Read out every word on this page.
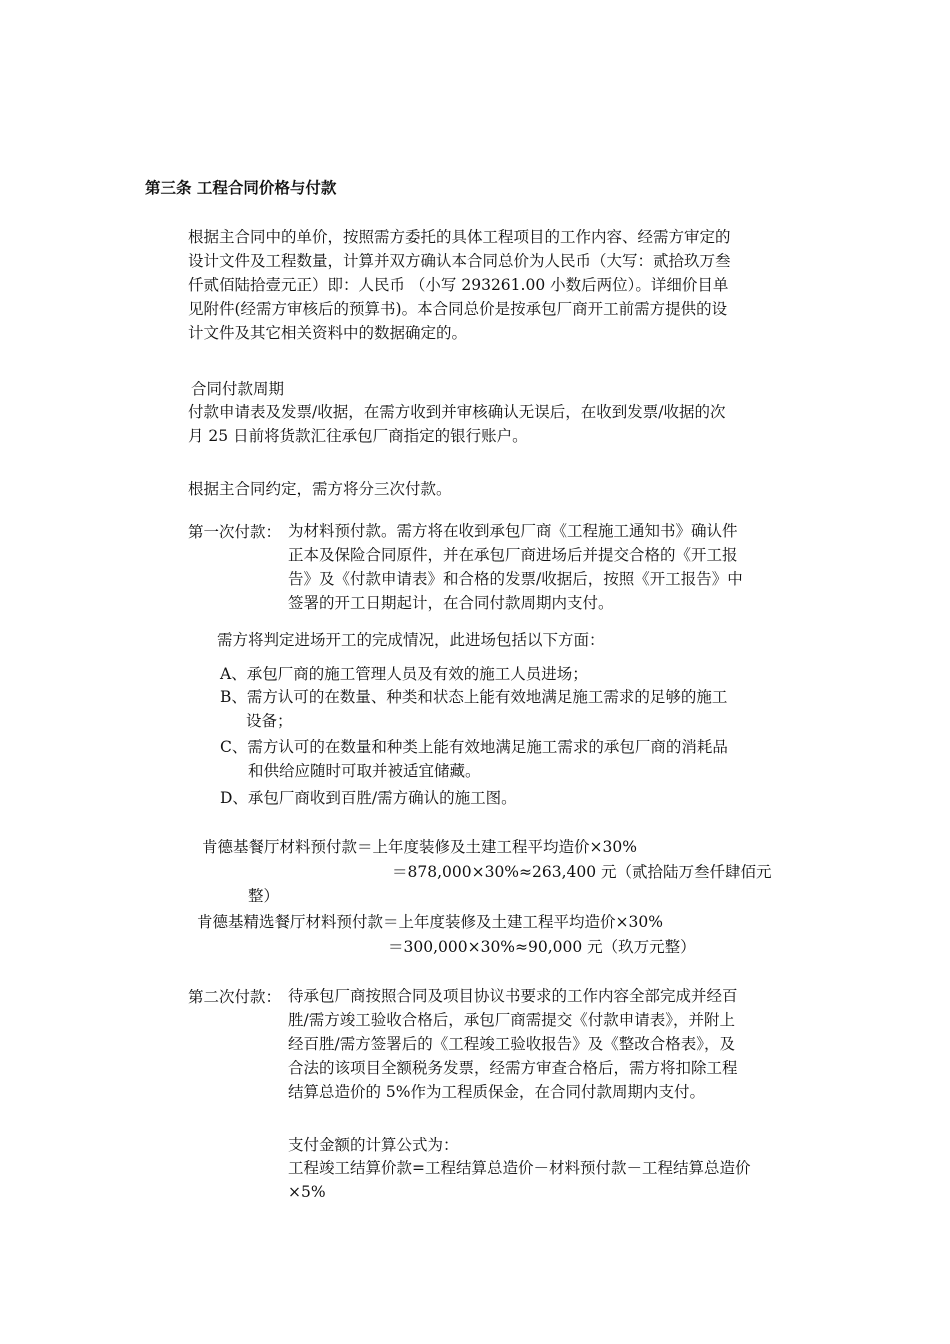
第三条 工程合同价格与付款
根据主合同中的单价，按照需方委托的具体工程项目的工作内容、经需方审定的
设计文件及工程数量，计算并双方确认本合同总价为人民币（大写：贰拾玖万叁
仟贰佰陆拾壹元正）即：人民币 （小写 293261.00 小数后两位）。详细价目单
见附件(经需方审核后的预算书)。本合同总价是按承包厂商开工前需方提供的设
计文件及其它相关资料中的数据确定的。
合同付款周期
付款申请表及发票/收据，在需方收到并审核确认无误后，在收到发票/收据的次
月 25 日前将货款汇往承包厂商指定的银行账户。
根据主合同约定，需方将分三次付款。
第一次付款： 为材料预付款。需方将在收到承包厂商《工程施工通知书》确认件
正本及保险合同原件，并在承包厂商进场后并提交合格的《开工报
告》及《付款申请表》和合格的发票/收据后，按照《开工报告》中
签署的开工日期起计，在合同付款周期内支付。
需方将判定进场开工的完成情况，此进场包括以下方面：
A、承包厂商的施工管理人员及有效的施工人员进场；
B、需方认可的在数量、种类和状态上能有效地满足施工需求的足够的施工
设备；
C、需方认可的在数量和种类上能有效地满足施工需求的承包厂商的消耗品
和供给应随时可取并被适宜储藏。
D、承包厂商收到百胜/需方确认的施工图。
肯德基餐厅材料预付款＝上年度装修及土建工程平均造价×30%
＝878,000×30%≈263,400 元（贰拾陆万叁仟肆佰元
整）
肯德基精选餐厅材料预付款＝上年度装修及土建工程平均造价×30%
＝300,000×30%≈90,000 元（玖万元整）
第二次付款： 待承包厂商按照合同及项目协议书要求的工作内容全部完成并经百
胜/需方竣工验收合格后，承包厂商需提交《付款申请表》，并附上
经百胜/需方签署后的《工程竣工验收报告》及《整改合格表》，及
合法的该项目全额税务发票，经需方审查合格后，需方将扣除工程
结算总造价的 5%作为工程质保金，在合同付款周期内支付。
支付金额的计算公式为：
工程竣工结算价款=工程结算总造价－材料预付款－工程结算总造价
×5%
